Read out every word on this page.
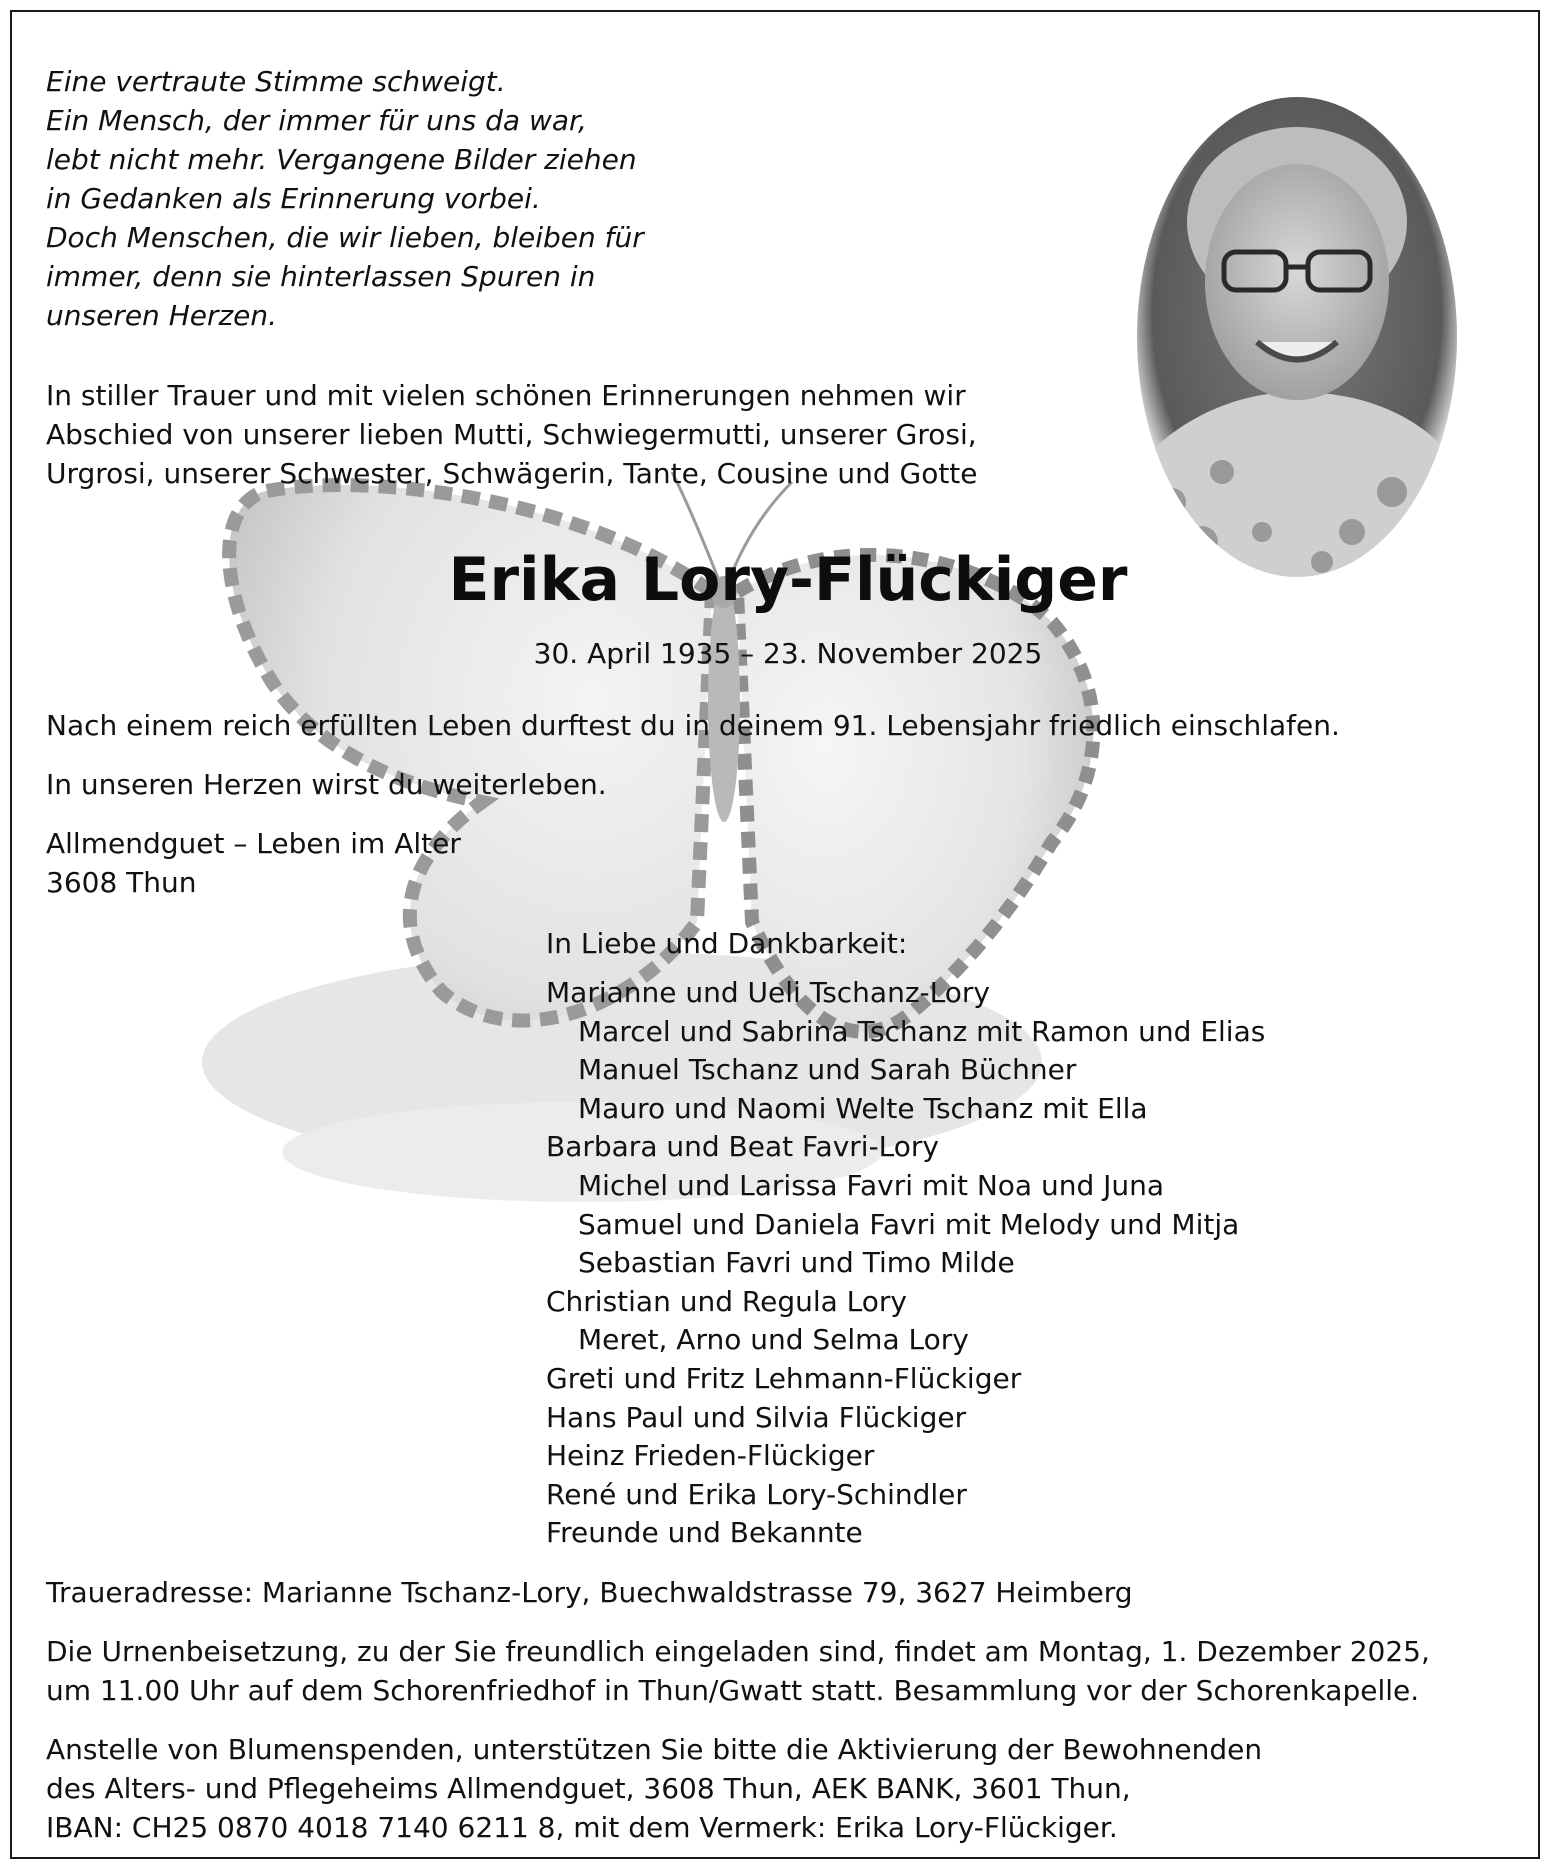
Eine vertraute Stimme schweigt.
Ein Mensch, der immer für uns da war,
lebt nicht mehr. Vergangene Bilder ziehen
in Gedanken als Erinnerung vorbei.
Doch Menschen, die wir lieben, bleiben für
immer, denn sie hinterlassen Spuren in
unseren Herzen.

In stiller Trauer und mit vielen schönen Erinnerungen nehmen wir
Abschied von unserer lieben Mutti, Schwiegermutti, unserer Grosi,
Urgrosi, unserer Schwester, Schwägerin, Tante, Cousine und Gotte

Erika Lory-Flückiger
30. April 1935 – 23. November 2025

Nach einem reich erfüllten Leben durftest du in deinem 91. Lebensjahr friedlich einschlafen.

In unseren Herzen wirst du weiterleben.

Allmendguet – Leben im Alter
3608 Thun

In Liebe und Dankbarkeit:

Marianne und Ueli Tschanz-Lory
Marcel und Sabrina Tschanz mit Ramon und Elias
Manuel Tschanz und Sarah Büchner
Mauro und Naomi Welte Tschanz mit Ella
Barbara und Beat Favri-Lory
Michel und Larissa Favri mit Noa und Juna
Samuel und Daniela Favri mit Melody und Mitja
Sebastian Favri und Timo Milde
Christian und Regula Lory
Meret, Arno und Selma Lory
Greti und Fritz Lehmann-Flückiger
Hans Paul und Silvia Flückiger
Heinz Frieden-Flückiger
René und Erika Lory-Schindler
Freunde und Bekannte

Traueradresse: Marianne Tschanz-Lory, Buechwaldstrasse 79, 3627 Heimberg

Die Urnenbeisetzung, zu der Sie freundlich eingeladen sind, findet am Montag, 1. Dezember 2025,
um 11.00 Uhr auf dem Schorenfriedhof in Thun/Gwatt statt. Besammlung vor der Schorenkapelle.

Anstelle von Blumenspenden, unterstützen Sie bitte die Aktivierung der Bewohnenden
des Alters- und Pflegeheims Allmendguet, 3608 Thun, AEK BANK, 3601 Thun,
IBAN: CH25 0870 4018 7140 6211 8, mit dem Vermerk: Erika Lory-Flückiger.
